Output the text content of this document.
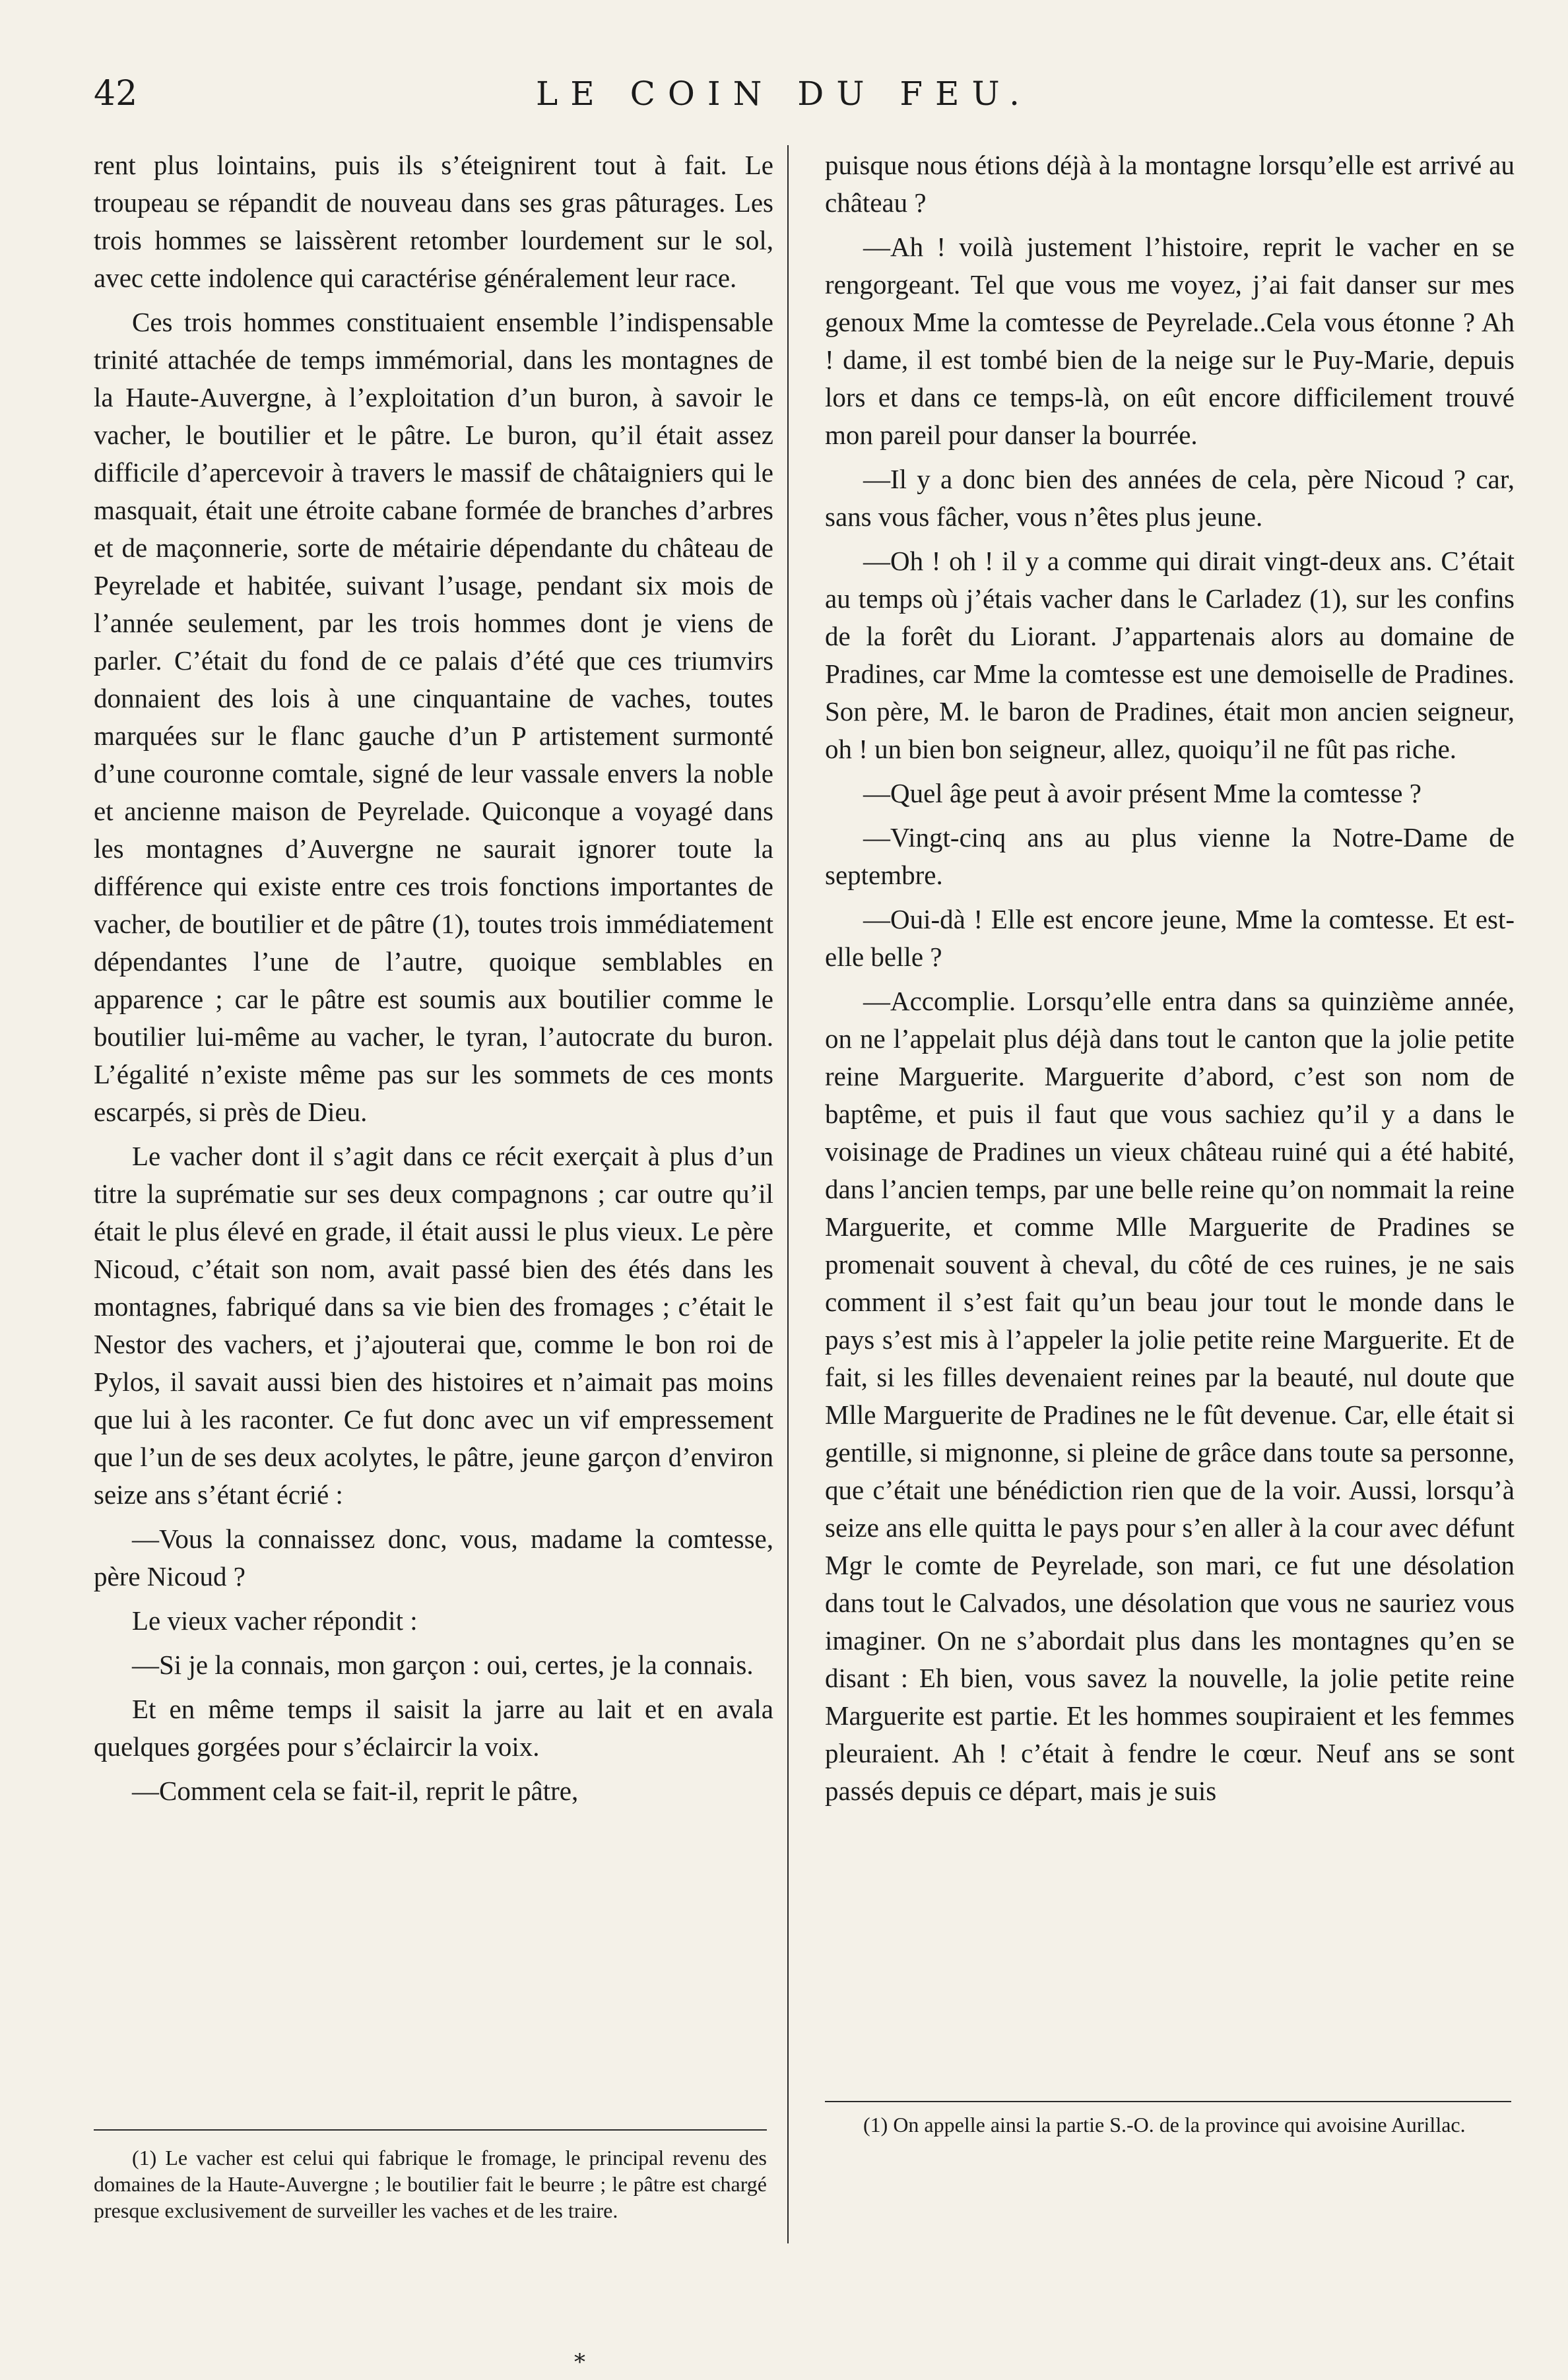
42	LE COIN DU FEU.

rent plus lointains, puis ils s’éteignirent tout à fait. Le troupeau se répandit de nouveau dans ses gras pâturages. Les trois hommes se laissèrent retomber lourdement sur le sol, avec cette indolence qui caractérise généralement leur race.

Ces trois hommes constituaient ensemble l’indispensable trinité attachée de temps immémorial, dans les montagnes de la Haute-Auvergne, à l’exploitation d’un buron, à savoir le vacher, le boutilier et le pâtre. Le buron, qu’il était assez difficile d’apercevoir à travers le massif de châtaigniers qui le masquait, était une étroite cabane formée de branches d’arbres et de maçonnerie, sorte de métairie dépendante du château de Peyrelade et habitée, suivant l’usage, pendant six mois de l’année seulement, par les trois hommes dont je viens de parler. C’était du fond de ce palais d’été que ces triumvirs donnaient des lois à une cinquantaine de vaches, toutes marquées sur le flanc gauche d’un P artistement surmonté d’une couronne comtale, signé de leur vassale envers la noble et ancienne maison de Peyrelade. Quiconque a voyagé dans les montagnes d’Auvergne ne saurait ignorer toute la différence qui existe entre ces trois fonctions importantes de vacher, de boutilier et de pâtre (1), toutes trois immédiatement dépendantes l’une de l’autre, quoique semblables en apparence ; car le pâtre est soumis aux boutilier comme le boutilier lui-même au vacher, le tyran, l’autocrate du buron. L’égalité n’existe même pas sur les sommets de ces monts escarpés, si près de Dieu.

Le vacher dont il s’agit dans ce récit exerçait à plus d’un titre la suprématie sur ses deux compagnons ; car outre qu’il était le plus élevé en grade, il était aussi le plus vieux. Le père Nicoud, c’était son nom, avait passé bien des étés dans les montagnes, fabriqué dans sa vie bien des fromages ; c’était le Nestor des vachers, et j’ajouterai que, comme le bon roi de Pylos, il savait aussi bien des histoires et n’aimait pas moins que lui à les raconter. Ce fut donc avec un vif empressement que l’un de ses deux acolytes, le pâtre, jeune garçon d’environ seize ans s’étant écrié :

—Vous la connaissez donc, vous, madame la comtesse, père Nicoud ?

Le vieux vacher répondit :

—Si je la connais, mon garçon : oui, certes, je la connais.

Et en même temps il saisit la jarre au lait et en avala quelques gorgées pour s’éclaircir la voix.

—Comment cela se fait-il, reprit le pâtre,

puisque nous étions déjà à la montagne lorsqu’elle est arrivé au château ?

—Ah ! voilà justement l’histoire, reprit le vacher en se rengorgeant. Tel que vous me voyez, j’ai fait danser sur mes genoux Mme la comtesse de Peyrelade..Cela vous étonne ? Ah ! dame, il est tombé bien de la neige sur le Puy-Marie, depuis lors et dans ce temps-là, on eût encore difficilement trouvé mon pareil pour danser la bourrée.

—Il y a donc bien des années de cela, père Nicoud ? car, sans vous fâcher, vous n’êtes plus jeune.

—Oh ! oh ! il y a comme qui dirait vingt-deux ans. C’était au temps où j’étais vacher dans le Carladez (1), sur les confins de la forêt du Liorant. J’appartenais alors au domaine de Pradines, car Mme la comtesse est une demoiselle de Pradines. Son père, M. le baron de Pradines, était mon ancien seigneur, oh ! un bien bon seigneur, allez, quoiqu’il ne fût pas riche.

—Quel âge peut à avoir présent Mme la comtesse ?

—Vingt-cinq ans au plus vienne la Notre-Dame de septembre.

—Oui-dà ! Elle est encore jeune, Mme la comtesse. Et est-elle belle ?

—Accomplie. Lorsqu’elle entra dans sa quinzième année, on ne l’appelait plus déjà dans tout le canton que la jolie petite reine Marguerite. Marguerite d’abord, c’est son nom de baptême, et puis il faut que vous sachiez qu’il y a dans le voisinage de Pradines un vieux château ruiné qui a été habité, dans l’ancien temps, par une belle reine qu’on nommait la reine Marguerite, et comme Mlle Marguerite de Pradines se promenait souvent à cheval, du côté de ces ruines, je ne sais comment il s’est fait qu’un beau jour tout le monde dans le pays s’est mis à l’appeler la jolie petite reine Marguerite. Et de fait, si les filles devenaient reines par la beauté, nul doute que Mlle Marguerite de Pradines ne le fût devenue. Car, elle était si gentille, si mignonne, si pleine de grâce dans toute sa personne, que c’était une bénédiction rien que de la voir. Aussi, lorsqu’à seize ans elle quitta le pays pour s’en aller à la cour avec défunt Mgr le comte de Peyrelade, son mari, ce fut une désolation dans tout le Calvados, une désolation que vous ne sauriez vous imaginer. On ne s’abordait plus dans les montagnes qu’en se disant : Eh bien, vous savez la nouvelle, la jolie petite reine Marguerite est partie. Et les hommes soupiraient et les femmes pleuraient. Ah ! c’était à fendre le cœur. Neuf ans se sont passés depuis ce départ, mais je suis

(1) Le vacher est celui qui fabrique le fromage, le principal revenu des domaines de la Haute-Auvergne ; le boutilier fait le beurre ; le pâtre est chargé presque exclusivement de surveiller les vaches et de les traire.
(1) On appelle ainsi la partie S.-O. de la province qui avoisine Aurillac.
*
